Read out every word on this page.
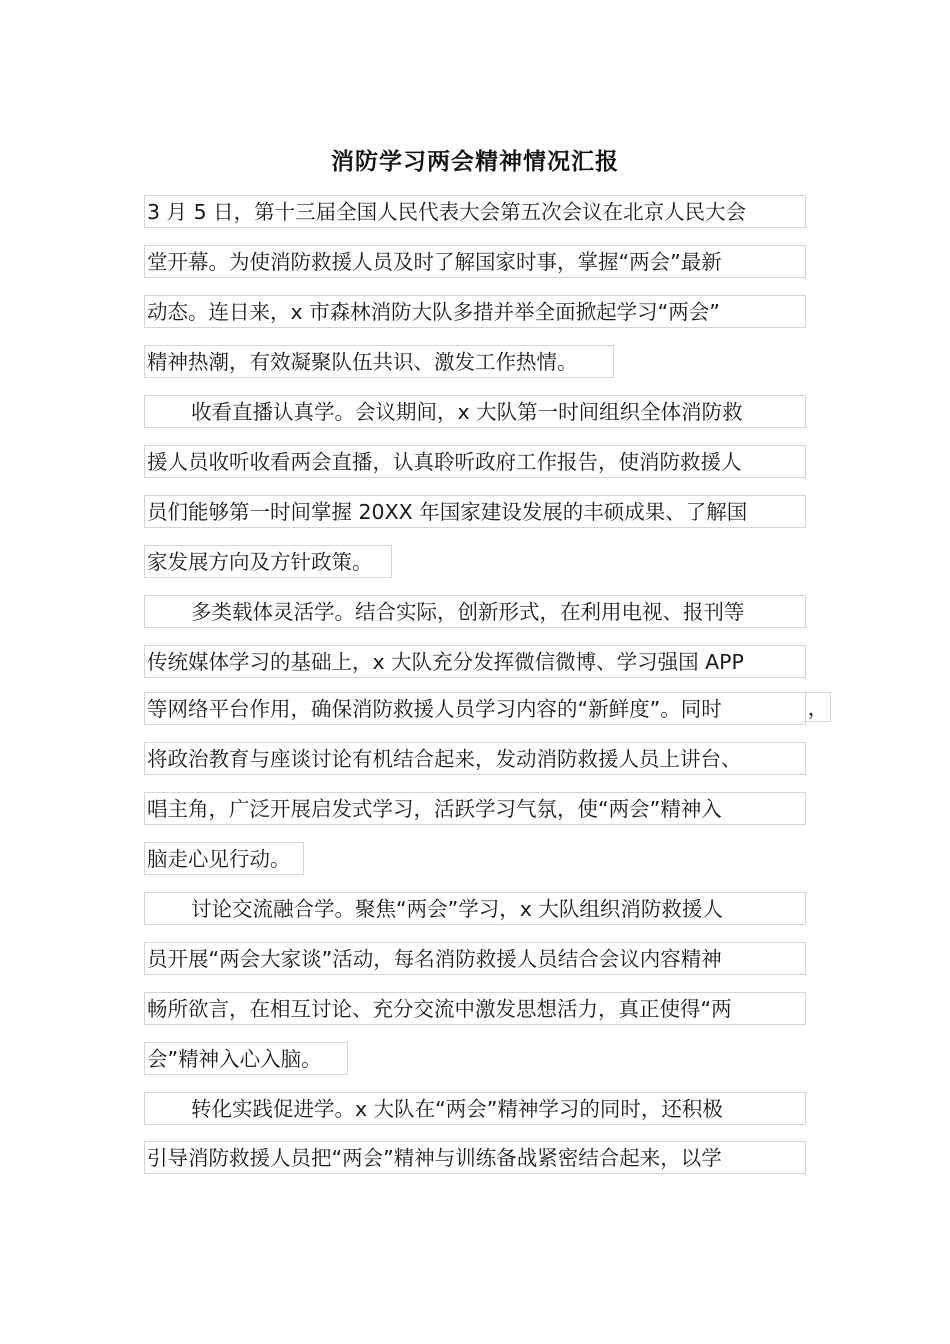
消防学习两会精神情况汇报
3 月 5 日，第十三届全国人民代表大会第五次会议在北京人民大会
堂开幕。为使消防救援人员及时了解国家时事，掌握“两会”最新
动态。连日来，x 市森林消防大队多措并举全面掀起学习“两会”
精神热潮，有效凝聚队伍共识、激发工作热情。
收看直播认真学。会议期间，x 大队第一时间组织全体消防救
援人员收听收看两会直播，认真聆听政府工作报告，使消防救援人
员们能够第一时间掌握 20XX 年国家建设发展的丰硕成果、了解国
家发展方向及方针政策。
多类载体灵活学。结合实际，创新形式，在利用电视、报刊等
传统媒体学习的基础上，x 大队充分发挥微信微博、学习强国 APP
等网络平台作用，确保消防救援人员学习内容的“新鲜度”。同时	，
将政治教育与座谈讨论有机结合起来，发动消防救援人员上讲台、
唱主角，广泛开展启发式学习，活跃学习气氛，使“两会”精神入
脑走心见行动。
讨论交流融合学。聚焦“两会”学习，x 大队组织消防救援人
员开展“两会大家谈”活动，每名消防救援人员结合会议内容精神
畅所欲言，在相互讨论、充分交流中激发思想活力，真正使得“两
会”精神入心入脑。
转化实践促进学。x 大队在“两会”精神学习的同时，还积极
引导消防救援人员把“两会”精神与训练备战紧密结合起来，以学
